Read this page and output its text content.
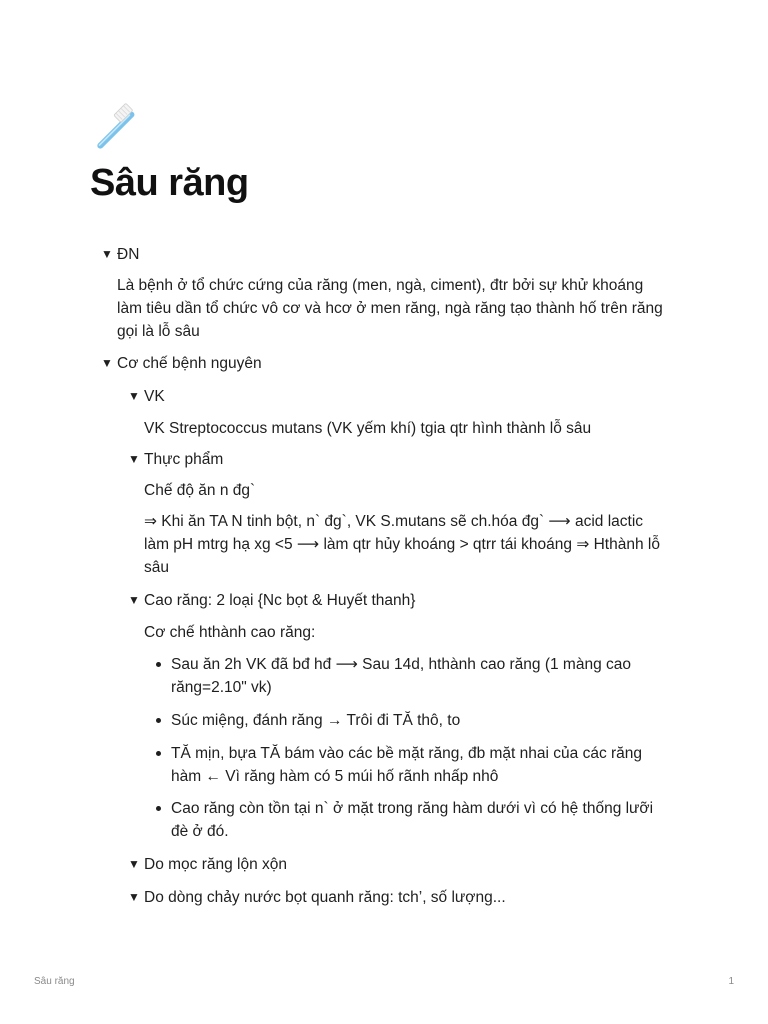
Sâu răng
▼ ĐN
Là bệnh ở tổ chức cứng của răng (men, ngà, ciment), đtr bởi sự khử khoáng
làm tiêu dần tổ chức vô cơ và hcơ ở men răng, ngà răng tạo thành hố trên răng
gọi là lỗ sâu
▼ Cơ chế bệnh nguyên
▼ VK
VK Streptococcus mutans (VK yếm khí) tgia qtr hình thành lỗ sâu
▼ Thực phẩm
Chế độ ăn n đg`
⇒ Khi ăn TA N tinh bột, n` đg`, VK S.mutans sẽ ch.hóa đg` ⟶ acid lactic
làm pH mtrg hạ xg <5 ⟶ làm qtr hủy khoáng > qtrr tái khoáng ⇒ Hthành lỗ
sâu
▼ Cao răng: 2 loại {Nc bọt & Huyết thanh}
Cơ chế hthành cao răng:
Sau ăn 2h VK đã bđ hđ ⟶ Sau 14d, hthành cao răng (1 màng cao
răng=2.10" vk)
Súc miệng, đánh răng → Trôi đi TĂ thô, to
TĂ mịn, bựa TĂ bám vào các bề mặt răng, đb mặt nhai của các răng
hàm ← Vì răng hàm có 5 múi hố rãnh nhấp nhô
Cao răng còn tồn tại n` ở mặt trong răng hàm dưới vì có hệ thống lưỡi
đè ở đó.
▼ Do mọc răng lộn xộn
▼ Do dòng chảy nước bọt quanh răng: tch’, số lượng...
Sâu răng	1
